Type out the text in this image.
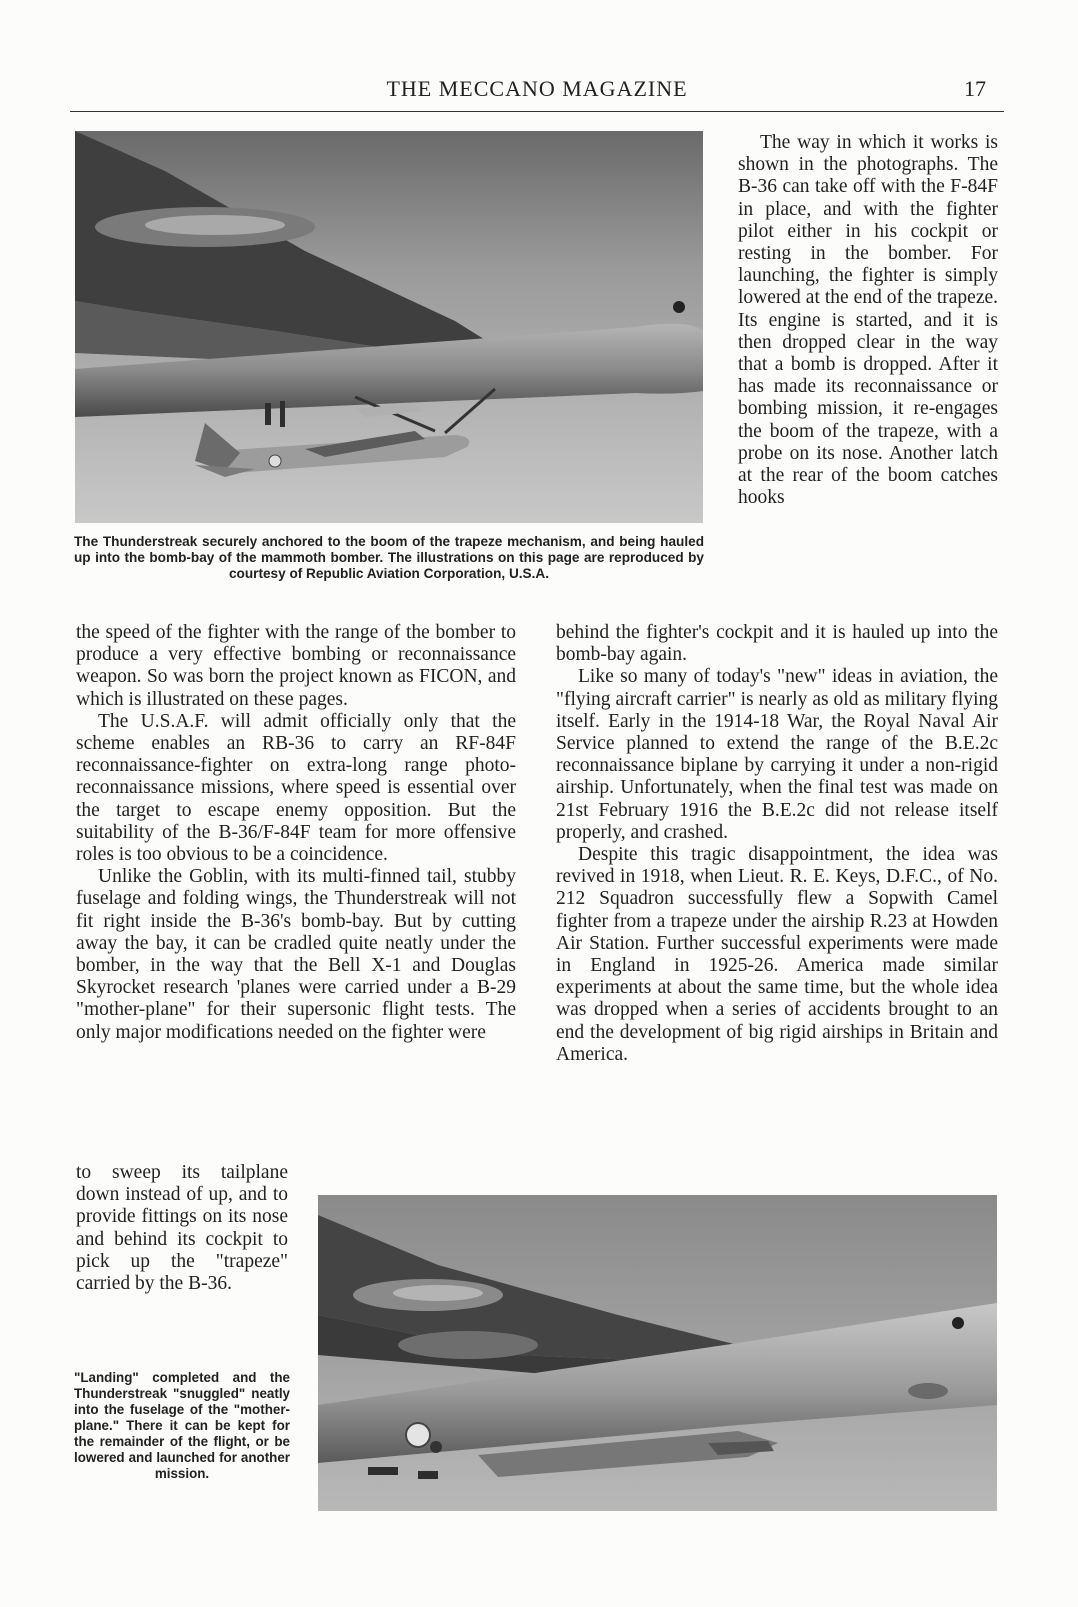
THE MECCANO MAGAZINE	17
The Thunderstreak securely anchored to the boom of the trapeze mechanism, and being hauled up into the bomb-bay of the mammoth bomber. The illustrations on this page are reproduced by courtesy of Republic Aviation Corporation, U.S.A.

The way in which it works is shown in the photographs. The B-36 can take off with the F-84F in place, and with the fighter pilot either in his cockpit or resting in the bomber. For launching, the fighter is simply lowered at the end of the trapeze. Its engine is started, and it is then dropped clear in the way that a bomb is dropped. After it has made its reconnaissance or bombing mission, it re-engages the boom of the trapeze, with a probe on its nose. Another latch at the rear of the boom catches hooks

the speed of the fighter with the range of the bomber to produce a very effective bombing or reconnaissance weapon. So was born the project known as FICON, and which is illustrated on these pages.

The U.S.A.F. will admit officially only that the scheme enables an RB-36 to carry an RF-84F reconnaissance-fighter on extra-long range photo-reconnaissance missions, where speed is essential over the target to escape enemy opposition. But the suitability of the B-36/F-84F team for more offensive roles is too obvious to be a coincidence.

Unlike the Goblin, with its multi-finned tail, stubby fuselage and folding wings, the Thunderstreak will not fit right inside the B-36's bomb-bay. But by cutting away the bay, it can be cradled quite neatly under the bomber, in the way that the Bell X-1 and Douglas Skyrocket research 'planes were carried under a B-29 "mother-plane" for their supersonic flight tests. The only major modifications needed on the fighter were

to sweep its tailplane down instead of up, and to provide fittings on its nose and behind its cockpit to pick up the "trapeze" carried by the B-36.

behind the fighter's cockpit and it is hauled up into the bomb-bay again.

Like so many of today's "new" ideas in aviation, the "flying aircraft carrier" is nearly as old as military flying itself. Early in the 1914-18 War, the Royal Naval Air Service planned to extend the range of the B.E.2c reconnaissance biplane by carrying it under a non-rigid airship. Unfortunately, when the final test was made on 21st February 1916 the B.E.2c did not release itself properly, and crashed.

Despite this tragic disappointment, the idea was revived in 1918, when Lieut. R. E. Keys, D.F.C., of No. 212 Squadron successfully flew a Sopwith Camel fighter from a trapeze under the airship R.23 at Howden Air Station. Further successful experiments were made in England in 1925-26. America made similar experiments at about the same time, but the whole idea was dropped when a series of accidents brought to an end the development of big rigid airships in Britain and America.

"Landing" completed and the Thunderstreak "snuggled" neatly into the fuselage of the "mother-plane." There it can be kept for the remainder of the flight, or be lowered and launched for another mission.
